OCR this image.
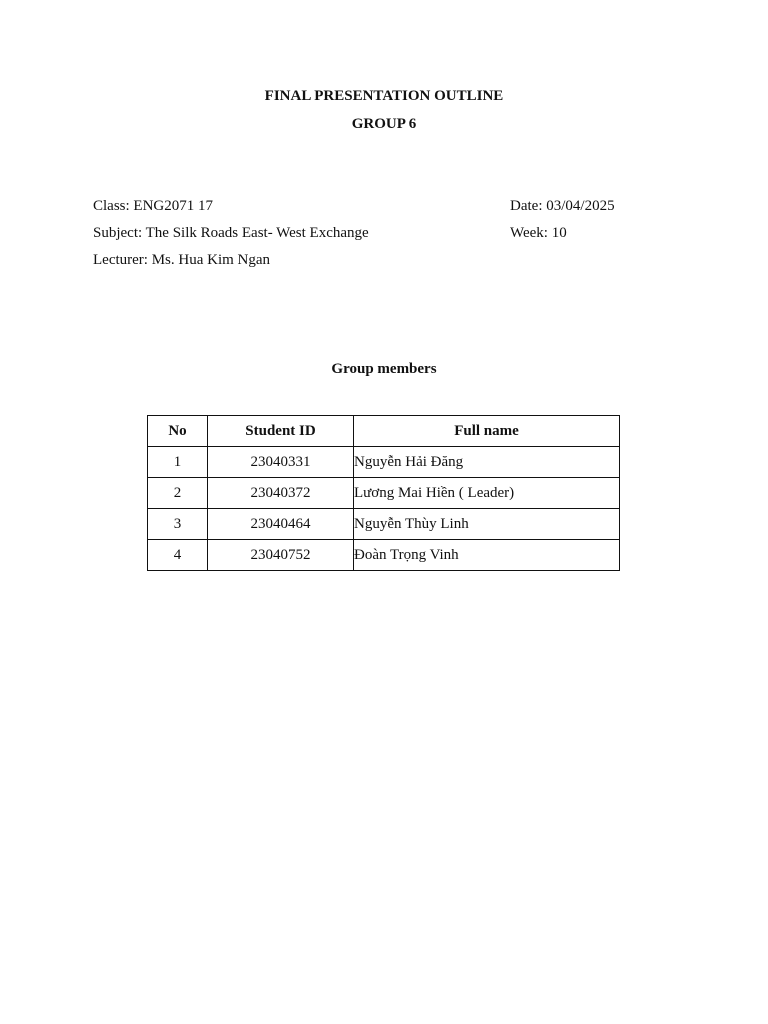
FINAL PRESENTATION OUTLINE
GROUP 6
Class: ENG2071 17
Subject: The Silk Roads East- West Exchange
Lecturer: Ms. Hua Kim Ngan
Date: 03/04/2025
Week: 10
Group members
No	Student ID	Full name
1	23040331	Nguyễn Hải Đăng
2	23040372	Lương Mai Hiền ( Leader)
3	23040464	Nguyễn Thùy Linh
4	23040752	Đoàn Trọng Vinh
